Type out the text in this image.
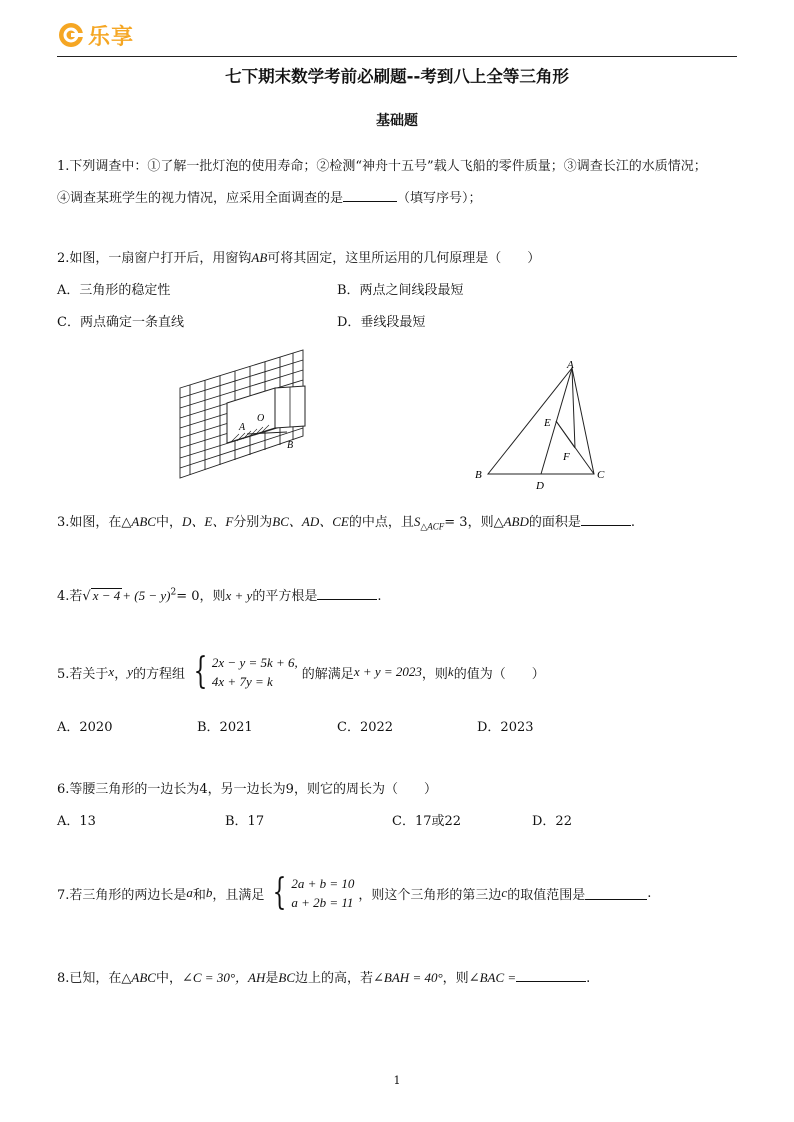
乐享
七下期末数学考前必刷题--考到八上全等三角形
基础题
1.下列调查中：①了解一批灯泡的使用寿命；②检测“神舟十五号”载人飞船的零件质量；③调查长江的水质情况；
④调查某班学生的视力情况，应采用全面调查的是	（填写序号）；
2.如图，一扇窗户打开后，用窗钩AB可将其固定，这里所运用的几何原理是（　　）
A．三角形的稳定性	B．两点之间线段最短
C．两点确定一条直线	D．垂线段最短
A
O
B
A
B	C
D
E
F
3.如图，在△ABC中，D、E、F分别为BC、AD、CE的中点，且$S_{\triangle ACF}= 3$，则△ABD的面积是	.
4.若√ $x - 4 + (5 - y)^2= 0$，则x + y的平方根是	.
5.若关于 x ， y 的方程组 { 2x − y = 5k + 6,
4x + 7y = k	的解满足 x + y = 2023 ，则 k 的值为（　　）
A．2020	B．2021	C．2022	D．2023
6.等腰三角形的一边长为4，另一边长为9，则它的周长为（　　）
A．13	B．17	C．17或22	D．22
7.若三角形的两边长是 a 和 b ，且满足 { 2a + b = 10
a + 2b = 11 ，则这个三角形的第三边 c 的取值范围是	.
8.已知，在△ABC中，∠C = 30°，AH是BC边上的高，若∠BAH = 40°，则∠BAC =	.
1
